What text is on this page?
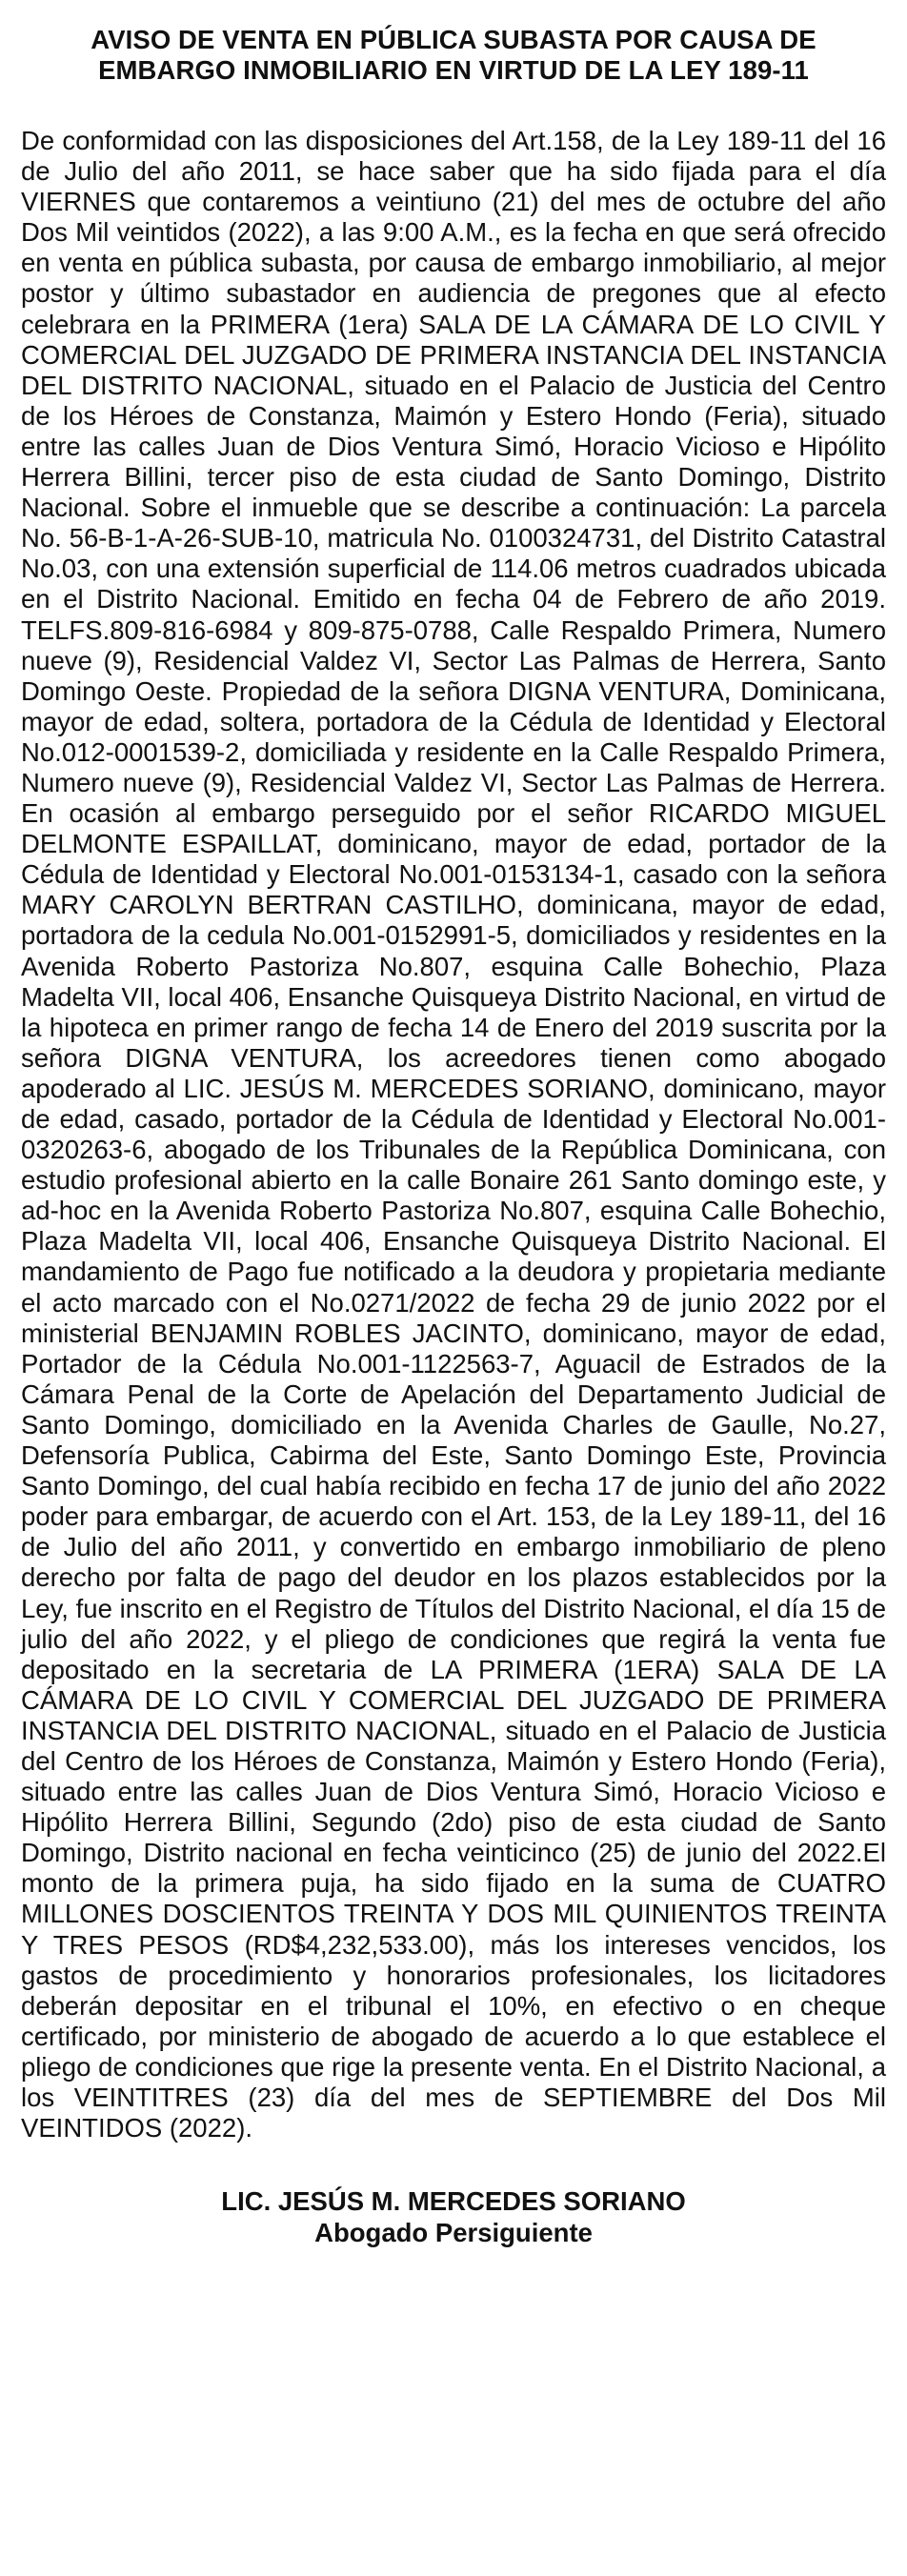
AVISO DE VENTA EN PÚBLICA SUBASTA POR CAUSA DE
EMBARGO INMOBILIARIO EN VIRTUD DE LA LEY 189-11

De conformidad con las disposiciones del Art.158, de la Ley 189-11 del 16 de Julio del año 2011, se hace saber que ha sido fijada para el día VIERNES que contaremos a veintiuno (21) del mes de octubre del año Dos Mil veintidos (2022), a las 9:00 A.M., es la fecha en que será ofrecido en venta en pública subasta, por causa de embargo inmobiliario, al mejor postor y último subastador en audiencia de pregones que al efecto celebrara en la PRIMERA (1era) SALA DE LA CÁMARA DE LO CIVIL Y COMERCIAL DEL JUZGADO DE PRIMERA INSTANCIA DEL INSTANCIA DEL DISTRITO NACIONAL, situado en el Palacio de Justicia del Centro de los Héroes de Constanza, Maimón y Estero Hondo (Feria), situado entre las calles Juan de Dios Ventura Simó, Horacio Vicioso e Hipólito Herrera Billini, tercer piso de esta ciudad de Santo Domingo, Distrito Nacional. Sobre el inmueble que se describe a continuación: La parcela No. 56-B-1-A-26-SUB-10, matricula No. 0100324731, del Distrito Catastral No.03, con una extensión superficial de 114.06 metros cuadrados ubicada en el Distrito Nacional. Emitido en fecha 04 de Febrero de año 2019. TELFS.809-816-6984 y 809-875-0788, Calle Respaldo Primera, Numero nueve (9), Residencial Valdez VI, Sector Las Palmas de Herrera, Santo Domingo Oeste. Propiedad de la señora DIGNA VENTURA, Dominicana, mayor de edad, soltera, portadora de la Cédula de Identidad y Electoral No.012-0001539-2, domiciliada y residente en la Calle Respaldo Primera, Numero nueve (9), Residencial Valdez VI, Sector Las Palmas de Herrera. En ocasión al embargo perseguido por el señor RICARDO MIGUEL DELMONTE ESPAILLAT, dominicano, mayor de edad, portador de la Cédula de Identidad y Electoral No.001-0153134-1, casado con la señora MARY CAROLYN BERTRAN CASTILHO, dominicana, mayor de edad, portadora de la cedula No.001-0152991-5, domiciliados y residentes en la Avenida Roberto Pastoriza No.807, esquina Calle Bohechio, Plaza Madelta VII, local 406, Ensanche Quisqueya Distrito Nacional, en virtud de la hipoteca en primer rango de fecha 14 de Enero del 2019 suscrita por la señora DIGNA VENTURA, los acreedores tienen como abogado apoderado al LIC. JESÚS M. MERCEDES SORIANO, dominicano, mayor de edad, casado, portador de la Cédula de Identidad y Electoral No.001-0320263-6, abogado de los Tribunales de la República Dominicana, con estudio profesional abierto en la calle Bonaire 261 Santo domingo este, y ad-hoc en la Avenida Roberto Pastoriza No.807, esquina Calle Bohechio, Plaza Madelta VII, local 406, Ensanche Quisqueya Distrito Nacional. El mandamiento de Pago fue notificado a la deudora y propietaria mediante el acto marcado con el No.0271/2022 de fecha 29 de junio 2022 por el ministerial BENJAMIN ROBLES JACINTO, dominicano, mayor de edad, Portador de la Cédula No.001-1122563-7, Aguacil de Estrados de la Cámara Penal de la Corte de Apelación del Departamento Judicial de Santo Domingo, domiciliado en la Avenida Charles de Gaulle, No.27, Defensoría Publica, Cabirma del Este, Santo Domingo Este, Provincia Santo Domingo, del cual había recibido en fecha 17 de junio del año 2022 poder para embargar, de acuerdo con el Art. 153, de la Ley 189-11, del 16 de Julio del año 2011, y convertido en embargo inmobiliario de pleno derecho por falta de pago del deudor en los plazos establecidos por la Ley, fue inscrito en el Registro de Títulos del Distrito Nacional, el día 15 de julio del año 2022, y el pliego de condiciones que regirá la venta fue depositado en la secretaria de LA PRIMERA (1ERA) SALA DE LA CÁMARA DE LO CIVIL Y COMERCIAL DEL JUZGADO DE PRIMERA INSTANCIA DEL DISTRITO NACIONAL, situado en el Palacio de Justicia del Centro de los Héroes de Constanza, Maimón y Estero Hondo (Feria), situado entre las calles Juan de Dios Ventura Simó, Horacio Vicioso e Hipólito Herrera Billini, Segundo (2do) piso de esta ciudad de Santo Domingo, Distrito nacional en fecha veinticinco (25) de junio del 2022.El monto de la primera puja, ha sido fijado en la suma de CUATRO MILLONES DOSCIENTOS TREINTA Y DOS MIL QUINIENTOS TREINTA Y TRES PESOS (RD$4,232,533.00), más los intereses vencidos, los gastos de procedimiento y honorarios profesionales, los licitadores deberán depositar en el tribunal el 10%, en efectivo o en cheque certificado, por ministerio de abogado de acuerdo a lo que establece el pliego de condiciones que rige la presente venta. En el Distrito Nacional, a los VEINTITRES (23) día del mes de SEPTIEMBRE del Dos Mil VEINTIDOS (2022).

LIC. JESÚS M. MERCEDES SORIANO
Abogado Persiguiente
